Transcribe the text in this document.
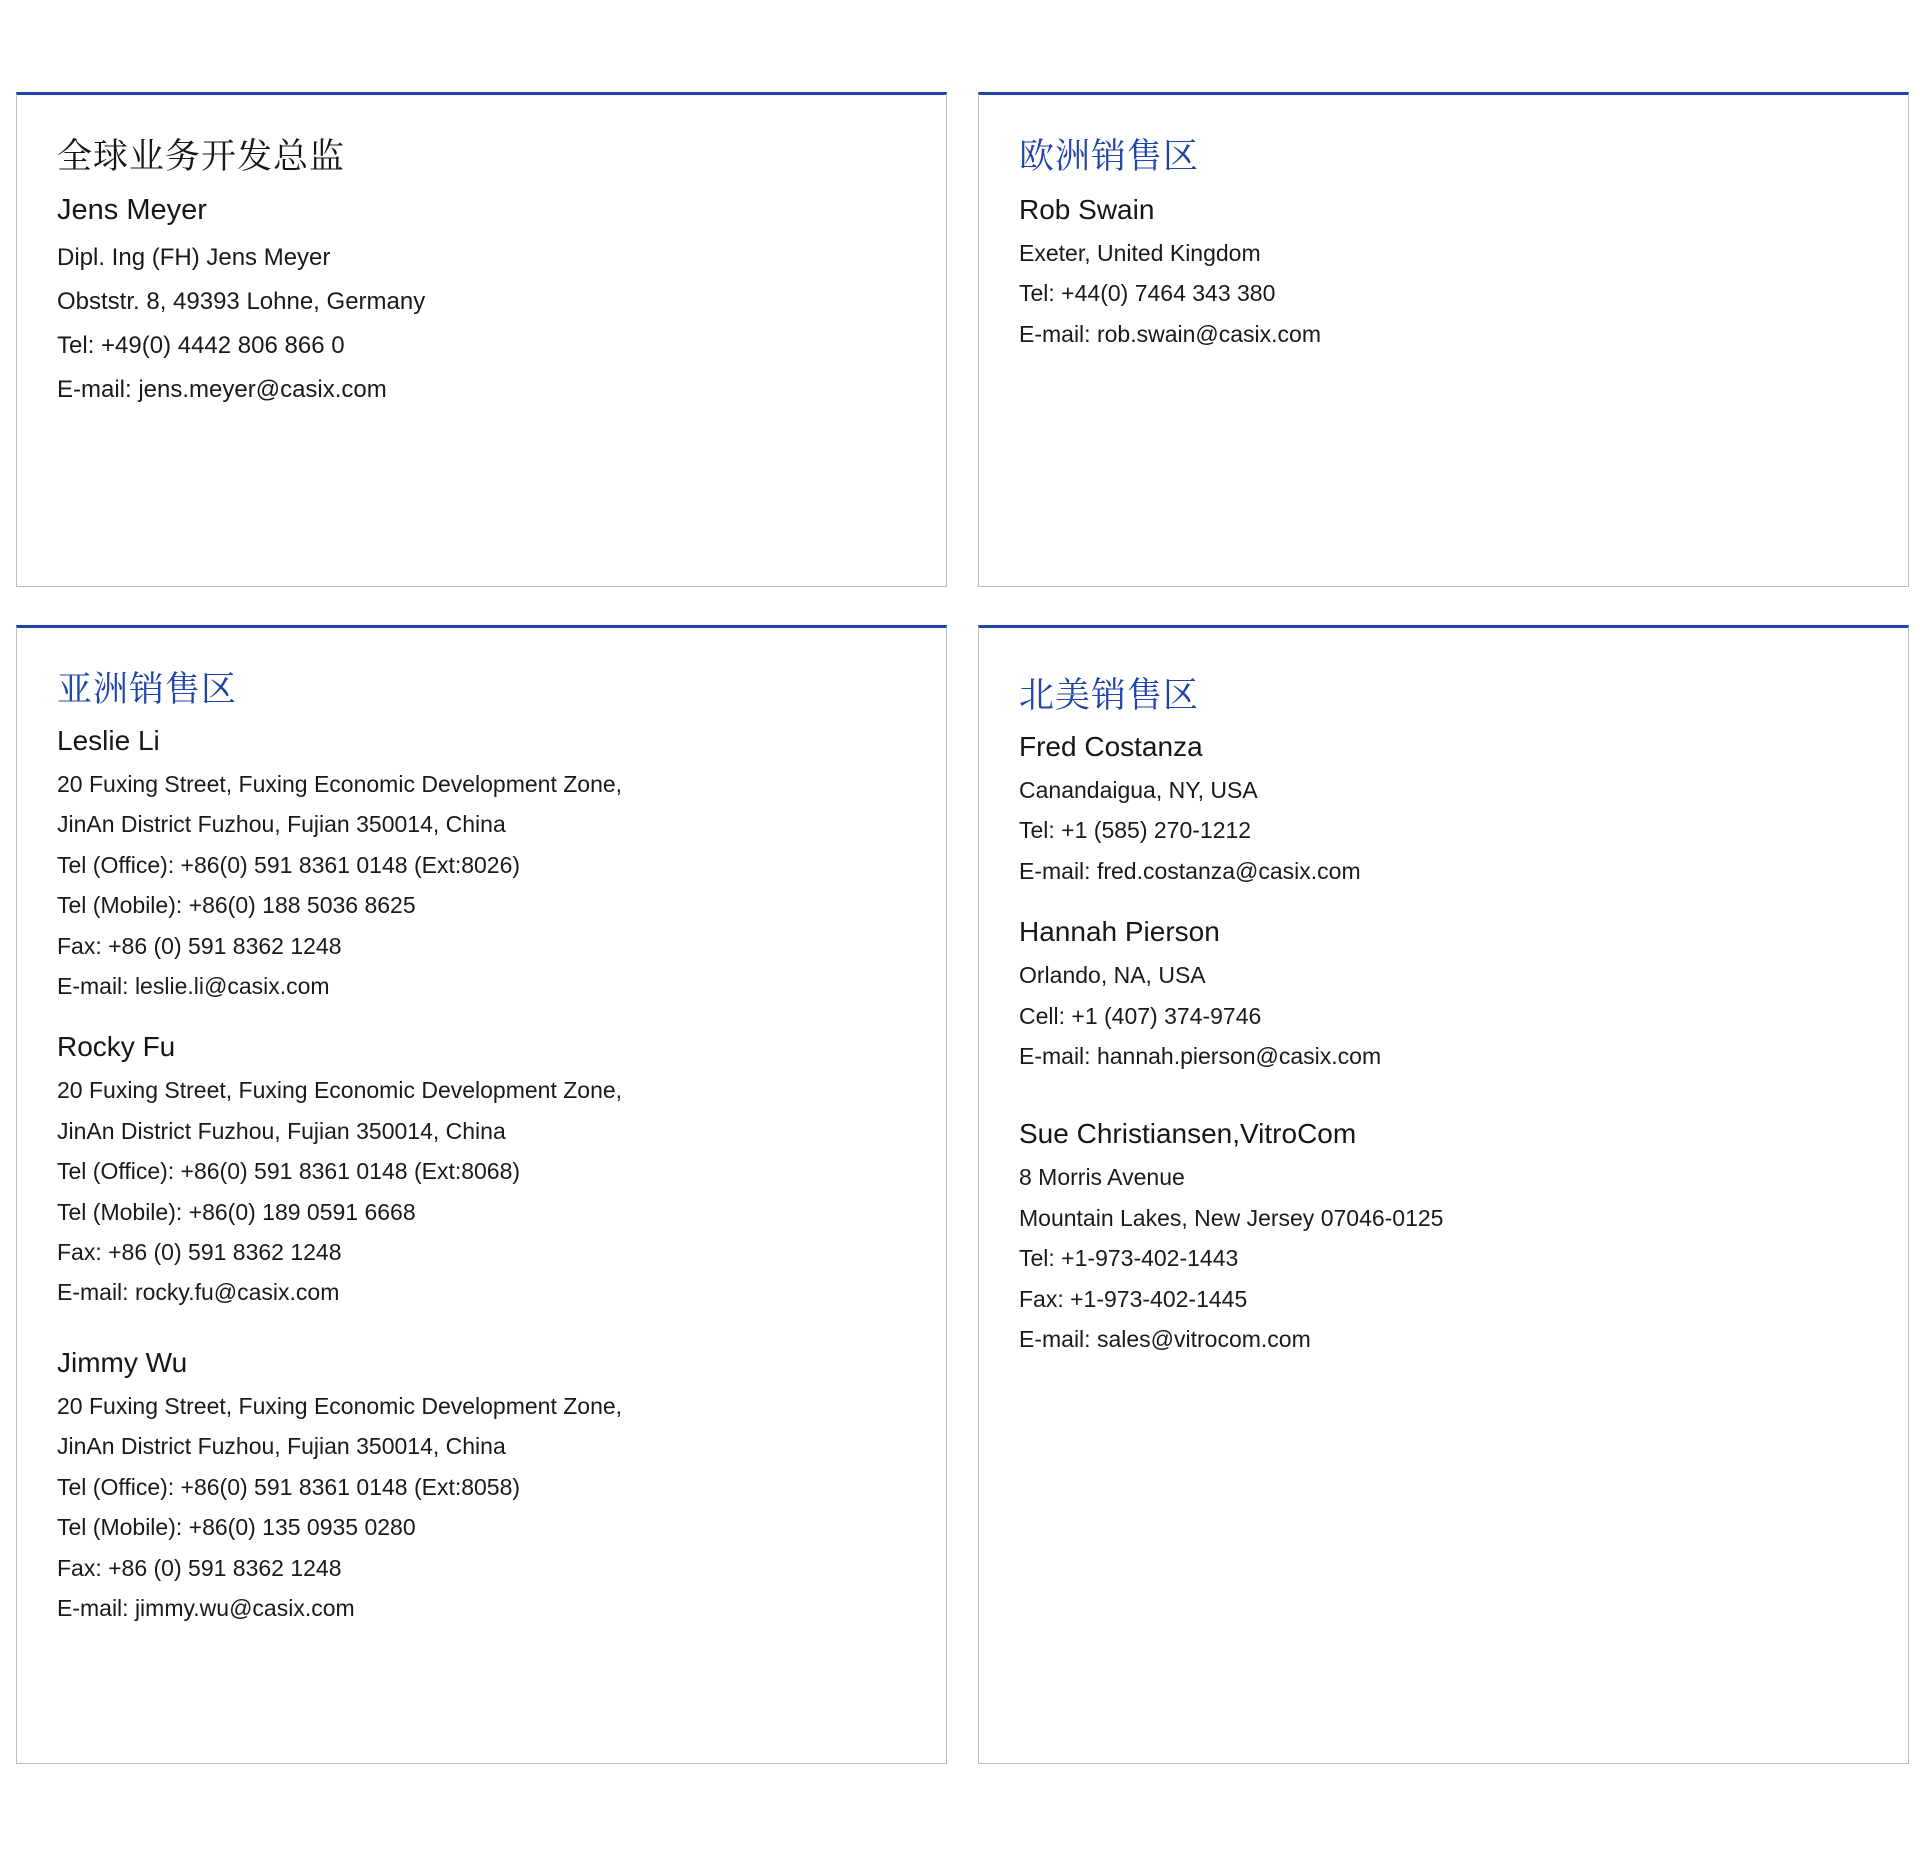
全球业务开发总监

Jens Meyer

Dipl. Ing (FH) Jens Meyer

Obststr. 8, 49393 Lohne, Germany

Tel: +49(0) 4442 806 866 0

E-mail: jens.meyer@casix.com

欧洲销售区

Rob Swain

Exeter, United Kingdom

Tel: +44(0) 7464 343 380

E-mail: rob.swain@casix.com

亚洲销售区

Leslie Li

20 Fuxing Street, Fuxing Economic Development Zone,

JinAn District Fuzhou, Fujian 350014, China

Tel (Office): +86(0) 591 8361 0148 (Ext:8026)

Tel (Mobile): +86(0) 188 5036 8625

Fax: +86 (0) 591 8362 1248

E-mail: leslie.li@casix.com

Rocky Fu

20 Fuxing Street, Fuxing Economic Development Zone,

JinAn District Fuzhou, Fujian 350014, China

Tel (Office): +86(0) 591 8361 0148 (Ext:8068)

Tel (Mobile): +86(0) 189 0591 6668

Fax: +86 (0) 591 8362 1248

E-mail: rocky.fu@casix.com

Jimmy Wu

20 Fuxing Street, Fuxing Economic Development Zone,

JinAn District Fuzhou, Fujian 350014, China

Tel (Office): +86(0) 591 8361 0148 (Ext:8058)

Tel (Mobile): +86(0) 135 0935 0280

Fax: +86 (0) 591 8362 1248

E-mail: jimmy.wu@casix.com

北美销售区

Fred Costanza

Canandaigua, NY, USA

Tel: +1 (585) 270-1212

E-mail: fred.costanza@casix.com

Hannah Pierson

Orlando, NA, USA

Cell: +1 (407) 374-9746

E-mail: hannah.pierson@casix.com

Sue Christiansen,VitroCom

8 Morris Avenue

Mountain Lakes, New Jersey 07046-0125

Tel: +1-973-402-1443

Fax: +1-973-402-1445

E-mail: sales@vitrocom.com
